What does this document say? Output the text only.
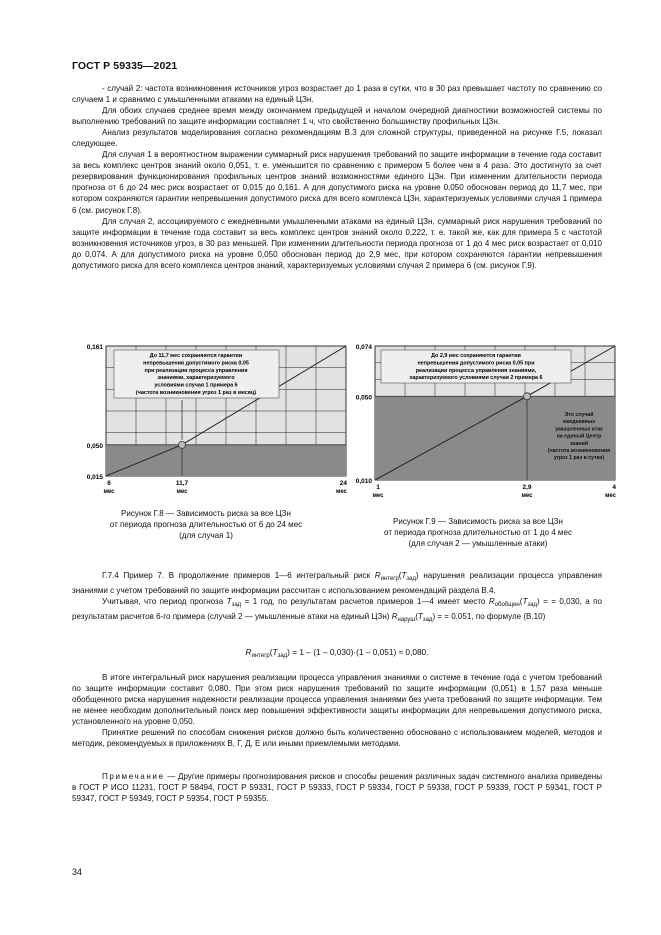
ГОСТ Р 59335—2021

- случай 2: частота возникновения источников угроз возрастает до 1 раза в сутки, что в 30 раз превышает частоту по сравнению со случаем 1 и сравнимо с умышленными атаками на единый ЦЗн.

Для обоих случаев среднее время между окончанием предыдущей и началом очередной диагностики возможностей системы по выполнению требований по защите информации составляет 1 ч, что свойственно большинству профильных ЦЗн.

Анализ результатов моделирования согласно рекомендациям В.3 для сложной структуры, приведенной на рисунке Г.5, показал следующее.

Для случая 1 в вероятностном выражении суммарный риск нарушения требований по защите информации в течение года составит за весь комплекс центров знаний около 0,051, т. е. уменьшится по сравнению с примером 5 более чем в 4 раза. Это достигнуто за счет резервирования функционирования профильных центров знаний возможностями единого ЦЗн. При изменении длительности периода прогноза от 6 до 24 мес риск возрастает от 0,015 до 0,161. А для допустимого риска на уровне 0,050 обоснован период до 11,7 мес, при котором сохраняются гарантии непревышения допустимого риска для всего комплекса ЦЗн, характеризуемых условиями случая 1 примера 6 (см. рисунок Г.8).

Для случая 2, ассоциируемого с ежедневными умышленными атаками на единый ЦЗн, суммарный риск нарушения требований по защите информации в течение года составит за весь комплекс центров знаний около 0,222, т. е. такой же, как для примера 5 с частотой возникновения источников угроз, в 30 раз меньшей. При изменении длительности периода прогноза от 1 до 4 мес риск возрастает от 0,010 до 0,074. А для допустимого риска на уровне 0,050 обоснован период до 2,9 мес, при котором сохраняются гарантии непревышения допустимого риска для всего комплекса центров знаний, характеризуемых условиями случая 2 примера 6 (см. рисунок Г.9).

До 11,7 мес сохраняются гарантии
непревышения допустимого риска 0,05
при реализации процесса управления
знаниями, характеризуемого
условиями случая 1 примера 6
(частота возникновения угроз 1 раз в месяц)
0,161
0,050
0,015
6
мес
11,7
мес
24
мес
До 2,9 мес сохраняются гарантии
непревышения допустимого риска 0,05 при
реализации процесса управления знаниями,
характеризуемого условиями случая 2 примера 6
Это случай
ежедневных
умышленных атак
на единый Центр
знаний
(частота возникновения
угроз 1 раз в сутки)
0,074
0,050
0,010
1
мес
2,9
мес
4
мес
Рисунок Г.8 — Зависимость риска за все ЦЗн
от периода прогноза длительностью от 6 до 24 мес
(для случая 1)
Рисунок Г.9 — Зависимость риска за все ЦЗн
от периода прогноза длительностью от 1 до 4 мес
(для случая 2 — умышленные атаки)

Г.7.4 Пример 7. В продолжение примеров 1—6 интегральный риск $R_{интегр}(T_{зад})$ нарушения реализации процесса управления знаниями с учетом требований по защите информации рассчитан с использованием рекомендаций раздела В.4.

Учитывая, что период прогноза $T_{зад} = 1$ год, по результатам расчетов примеров 1—4 имеет место $R_{обобщен}(T_{зад})$ = = 0,030, а по результатам расчетов 6-го примера (случай 2 — умышленные атаки на единый ЦЗн) $R_{наруш}(T_{зад})$ = = 0,051, по формуле (В.10)

$R_{интегр}(T_{зад}) = 1 - (1 - 0,030)\cdot(1 - 0,051) \approx 0,080$.

В итоге интегральный риск нарушения реализации процесса управления знаниями о системе в течение года с учетом требований по защите информации составит 0,080. При этом риск нарушения требований по защите информации (0,051) в 1,57 раза меньше обобщенного риска нарушения надежности реализации процесса управления знаниями без учета требований по защите информации. Тем не менее необходим дополнительный поиск мер повышения эффективности защиты информации для непревышения допустимого риска, установленного на уровне 0,050.

Принятие решений по способам снижения рисков должно быть количественно обосновано с использованием моделей, методов и методик, рекомендуемых в приложениях В, Г, Д, Е или иными приемлемыми методами.

Примечание — Другие примеры прогнозирования рисков и способы решения различных задач системного анализа приведены в ГОСТ Р ИСО 11231, ГОСТ Р 58494, ГОСТ Р 59331, ГОСТ Р 59333, ГОСТ Р 59334, ГОСТ Р 59338, ГОСТ Р 59339, ГОСТ Р 59341, ГОСТ Р 59347, ГОСТ Р 59349, ГОСТ Р 59354, ГОСТ Р 59355.

34
